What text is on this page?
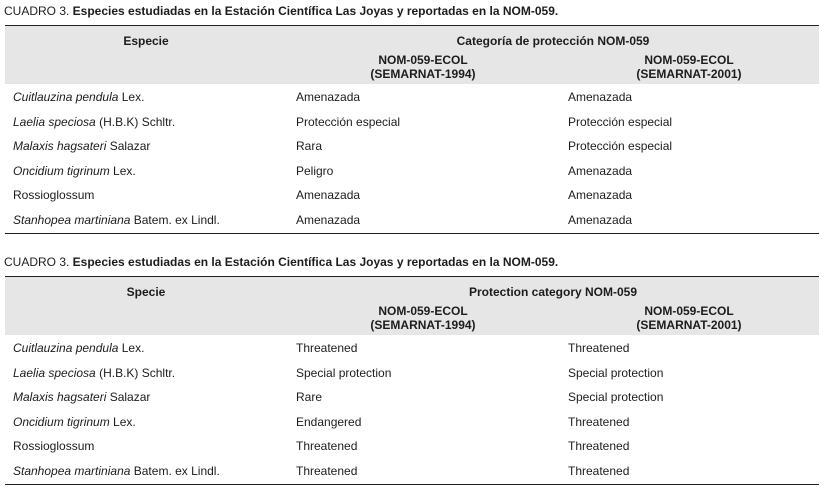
CUADRO 3. Especies estudiadas en la Estación Científica Las Joyas y reportadas en la NOM-059.
Especie	Categoría de protección NOM-059
NOM-059-ECOL
(SEMARNAT-1994)
NOM-059-ECOL
(SEMARNAT-2001)
Cuitlauzina pendula Lex.	Amenazada	Amenazada
Laelia speciosa (H.B.K) Schltr.	Protección especial	Protección especial
Malaxis hagsateri Salazar	Rara	Protección especial
Oncidium tigrinum Lex.	Peligro	Amenazada
Rossioglossum	Amenazada	Amenazada
Stanhopea martiniana Batem. ex Lindl.	Amenazada	Amenazada
CUADRO 3. Especies estudiadas en la Estación Científica Las Joyas y reportadas en la NOM-059.
Specie	Protection category NOM-059
NOM-059-ECOL
(SEMARNAT-1994)
NOM-059-ECOL
(SEMARNAT-2001)
Cuitlauzina pendula Lex.	Threatened	Threatened
Laelia speciosa (H.B.K) Schltr.	Special protection	Special protection
Malaxis hagsateri Salazar	Rare	Special protection
Oncidium tigrinum Lex.	Endangered	Threatened
Rossioglossum	Threatened	Threatened
Stanhopea martiniana Batem. ex Lindl.	Threatened	Threatened
